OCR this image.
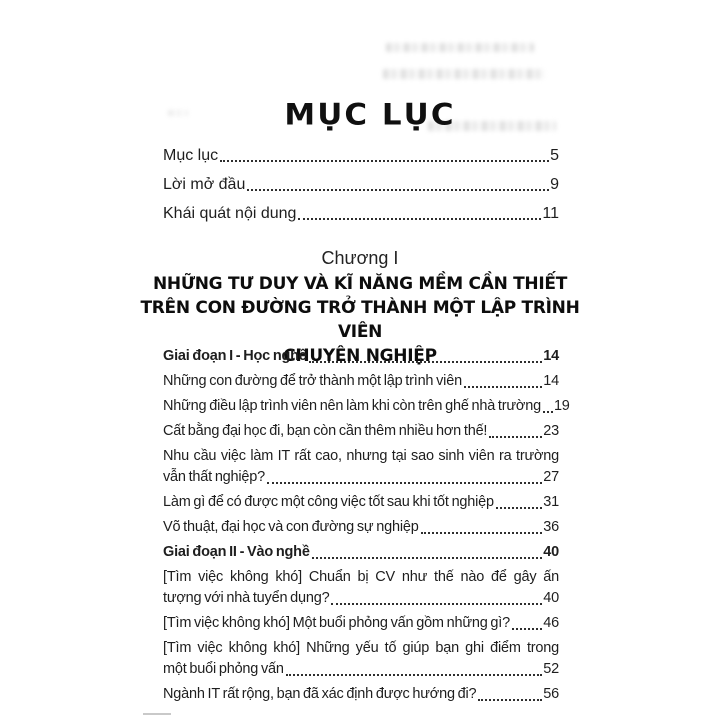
MỤC LỤC
Mục lục	5
Lời mở đầu	9
Khái quát nội dung	11
Chương I
NHỮNG TƯ DUY VÀ KĨ NĂNG MỀM CẦN THIẾT
TRÊN CON ĐƯỜNG TRỞ THÀNH MỘT LẬP TRÌNH VIÊN
CHUYÊN NGHIỆP
Giai đoạn I - Học nghề	14
Những con đường để trở thành một lập trình viên	14
Những điều lập trình viên nên làm khi còn trên ghế nhà trường 19
Cất bằng đại học đi, bạn còn cần thêm nhiều hơn thế!	23
Nhu cầu việc làm IT rất cao, nhưng tại sao sinh viên ra trường
vẫn thất nghiệp?	27
Làm gì để có được một công việc tốt sau khi tốt nghiệp	31
Võ thuật, đại học và con đường sự nghiệp	36
Giai đoạn II - Vào nghề	40
[Tìm việc không khó] Chuẩn bị CV như thế nào để gây ấn
tượng với nhà tuyển dụng?	40
[Tìm việc không khó] Một buổi phỏng vấn gồm những gì? 46
[Tìm việc không khó] Những yếu tố giúp bạn ghi điểm trong
một buổi phỏng vấn	52
Ngành IT rất rộng, bạn đã xác định được hướng đi?	56
